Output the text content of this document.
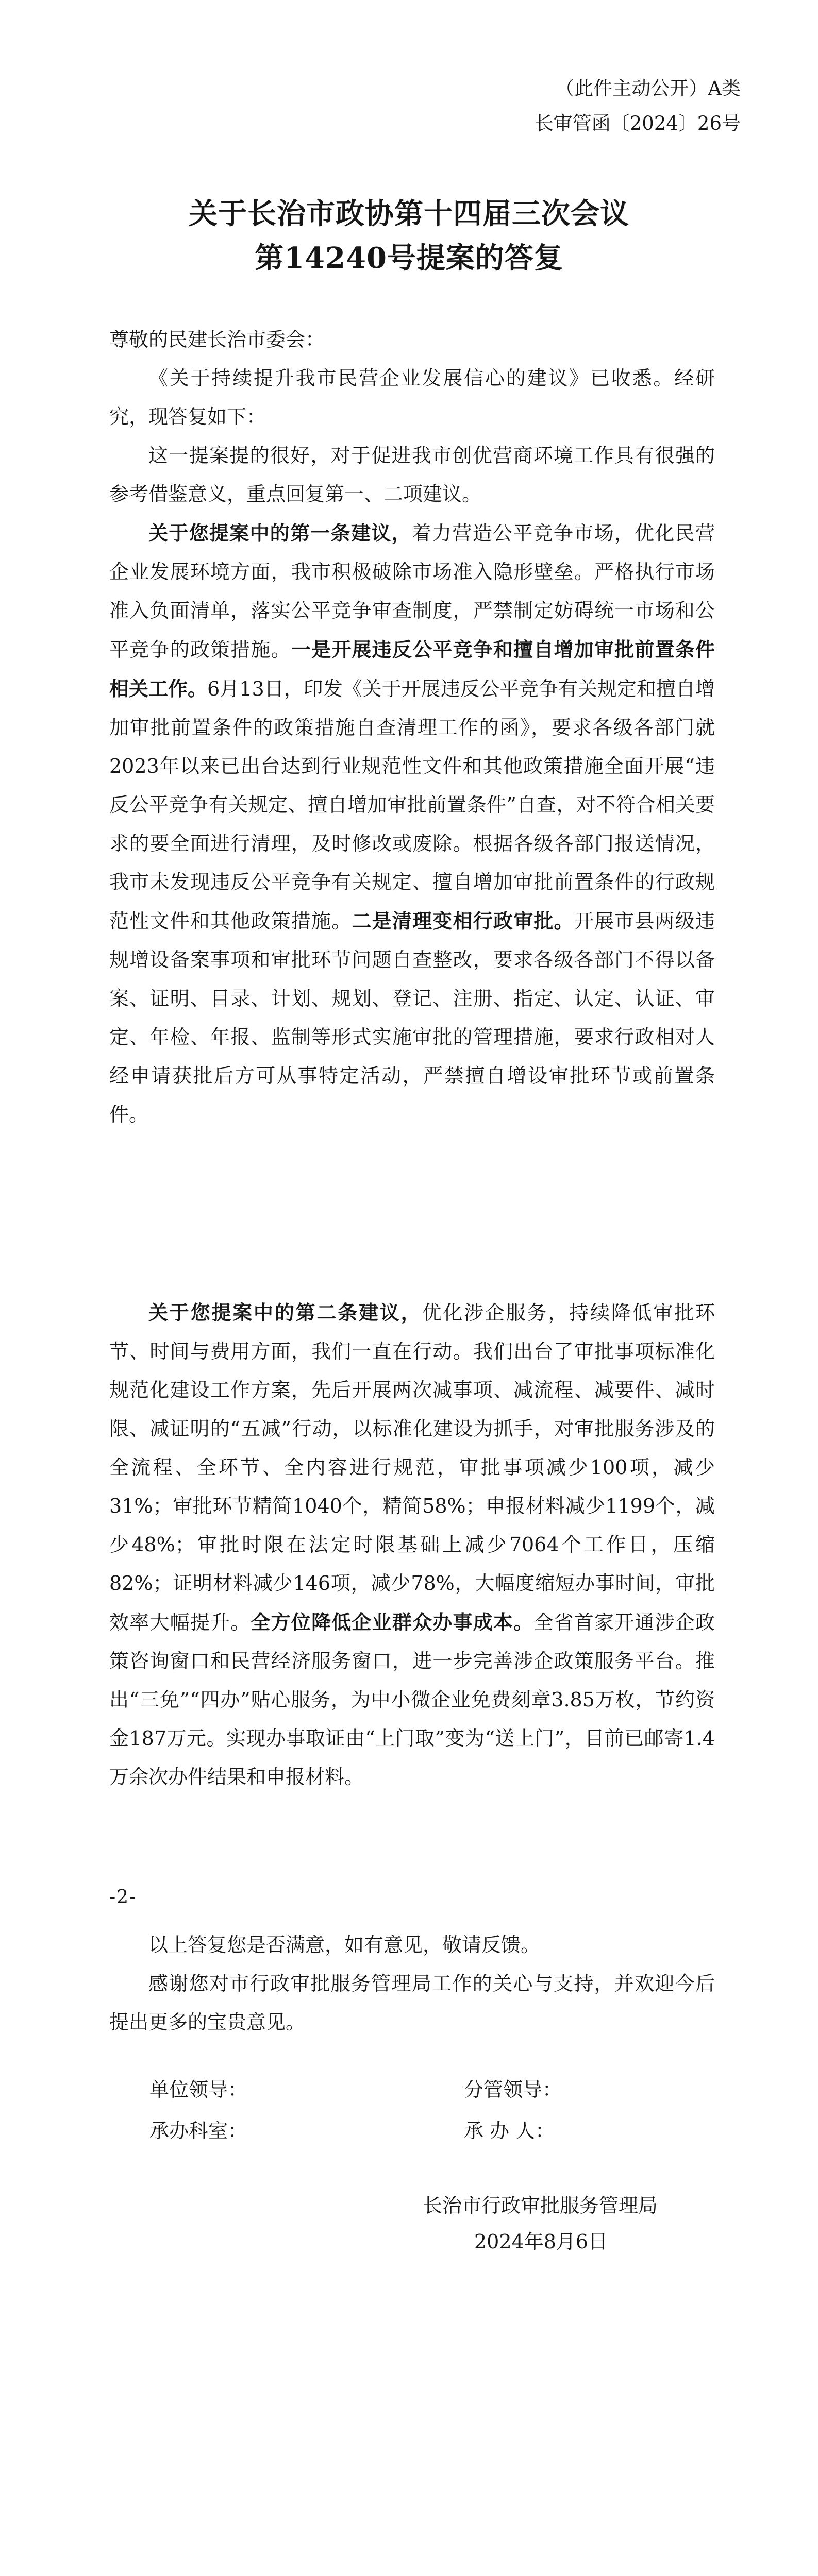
（此件主动公开）A类
长审管函〔2024〕26号
关于长治市政协第十四届三次会议
第14240号提案的答复

尊敬的民建长治市委会：

《关于持续提升我市民营企业发展信心的建议》已收悉。经研究，现答复如下：

这一提案提的很好，对于促进我市创优营商环境工作具有很强的参考借鉴意义，重点回复第一、二项建议。

关于您提案中的第一条建议，着力营造公平竞争市场，优化民营企业发展环境方面，我市积极破除市场准入隐形壁垒。严格执行市场准入负面清单，落实公平竞争审查制度，严禁制定妨碍统一市场和公平竞争的政策措施。一是开展违反公平竞争和擅自增加审批前置条件相关工作。6月13日，印发《关于开展违反公平竞争有关规定和擅自增加审批前置条件的政策措施自查清理工作的函》，要求各级各部门就2023年以来已出台达到行业规范性文件和其他政策措施全面开展“违反公平竞争有关规定、擅自增加审批前置条件”自查，对不符合相关要求的要全面进行清理，及时修改或废除。根据各级各部门报送情况，我市未发现违反公平竞争有关规定、擅自增加审批前置条件的行政规范性文件和其他政策措施。二是清理变相行政审批。开展市县两级违规增设备案事项和审批环节问题自查整改，要求各级各部门不得以备案、证明、目录、计划、规划、登记、注册、指定、认定、认证、审定、年检、年报、监制等形式实施审批的管理措施，要求行政相对人经申请获批后方可从事特定活动，严禁擅自增设审批环节或前置条件。

关于您提案中的第二条建议，优化涉企服务，持续降低审批环节、时间与费用方面，我们一直在行动。我们出台了审批事项标准化规范化建设工作方案，先后开展两次减事项、减流程、减要件、减时限、减证明的“五减”行动，以标准化建设为抓手，对审批服务涉及的全流程、全环节、全内容进行规范，审批事项减少100项，减少31%；审批环节精简1040个，精简58%；申报材料减少1199个，减少48%；审批时限在法定时限基础上减少7064个工作日，压缩82%；证明材料减少146项，减少78%，大幅度缩短办事时间，审批效率大幅提升。全方位降低企业群众办事成本。全省首家开通涉企政策咨询窗口和民营经济服务窗口，进一步完善涉企政策服务平台。推出“三免”“四办”贴心服务，为中小微企业免费刻章3.85万枚，节约资金187万元。实现办事取证由“上门取”变为“送上门”，目前已邮寄1.4万余次办件结果和申报材料。

-2-

以上答复您是否满意，如有意见，敬请反馈。

感谢您对市行政审批服务管理局工作的关心与支持，并欢迎今后提出更多的宝贵意见。

单位领导：	分管领导：
承办科室：	承 办 人：
长治市行政审批服务管理局
2024年8月6日
